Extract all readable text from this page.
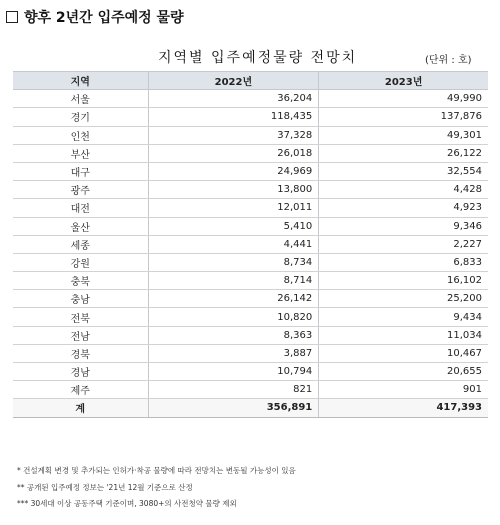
향후 2년간 입주예정 물량
지역별 입주예정물량 전망치	(단위 : 호)
지역	2022년	2023년
서울	36,204	49,990
경기	118,435	137,876
인천	37,328	49,301
부산	26,018	26,122
대구	24,969	32,554
광주	13,800	4,428
대전	12,011	4,923
울산	5,410	9,346
세종	4,441	2,227
강원	8,734	6,833
충북	8,714	16,102
충남	26,142	25,200
전북	10,820	9,434
전남	8,363	11,034
경북	3,887	10,467
경남	10,794	20,655
제주	821	901
계	356,891	417,393
* 건설계획 변경 및 추가되는 인허가·착공 물량에 따라 전망치는 변동될 가능성이 있음
** 공개된 입주예정 정보는 '21년 12월 기준으로 산정
*** 30세대 이상 공동주택 기준이며, 3080+의 사전청약 물량 제외
